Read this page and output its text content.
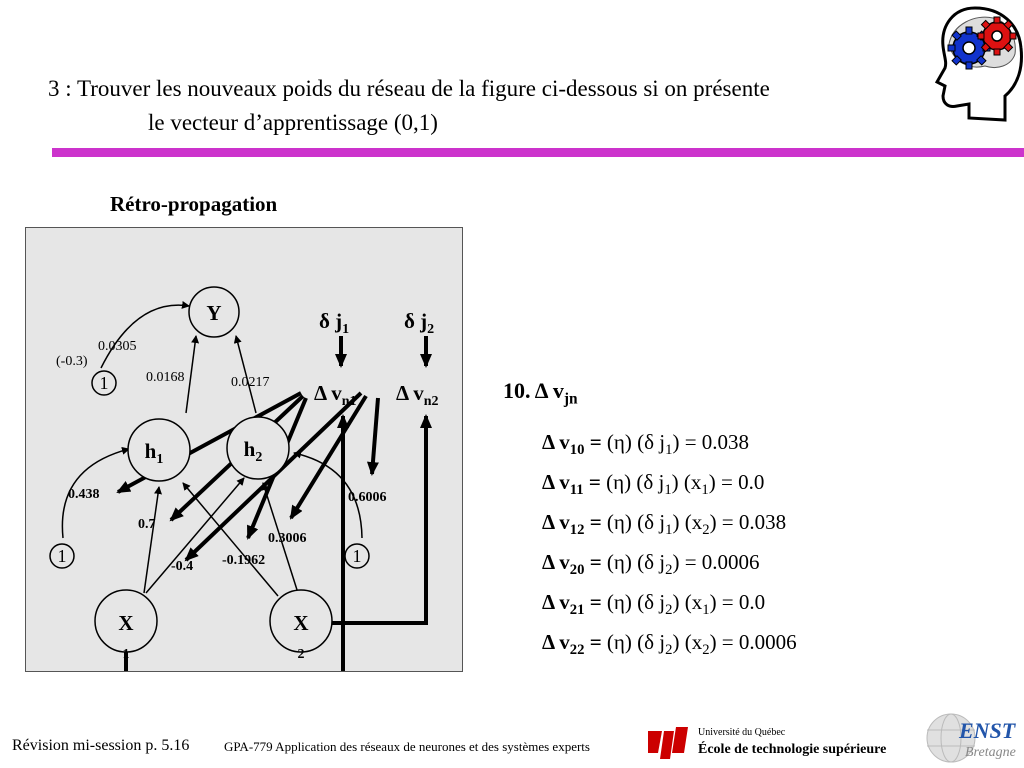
3 : Trouver les nouveaux poids du réseau de la figure ci-dessous si on présente
le vecteur d’apprentissage (0,1)
Rétro-propagation
Y
$h_1$	$h_2$
X
1
X
2
1
1	1
0.0305
(-0.3)
0.0168	0.0217
0.438
0.7
-0.4 -0.1962
0.3006
0.6006
δ $j_1$	δ $j_2$
Δ $v_{n1}$ Δ $v_{n2}$	10. Δ $v_{jn}$
Δ $v_{10} = (\eta)$ (δ $j_1) = 0.038$
Δ $v_{11} = (\eta)$ (δ $j_1$) $(x_1) = 0.0$
Δ $v_{12} = (\eta)$ (δ $j_1$) $(x_2) = 0.038$
Δ $v_{20} = (\eta)$ (δ $j_2) = 0.0006$
Δ $v_{21} = (\eta)$ (δ $j_2$) $(x_1) = 0.0$
Δ $v_{22} = (\eta)$ (δ $j_2$) $(x_2) = 0.0006$
Révision mi-session p. 5.16	GPA-779 Application des réseaux de neurones et des systèmes experts
Université du Québec
École de technologie supérieure
ENST
Bretagne
